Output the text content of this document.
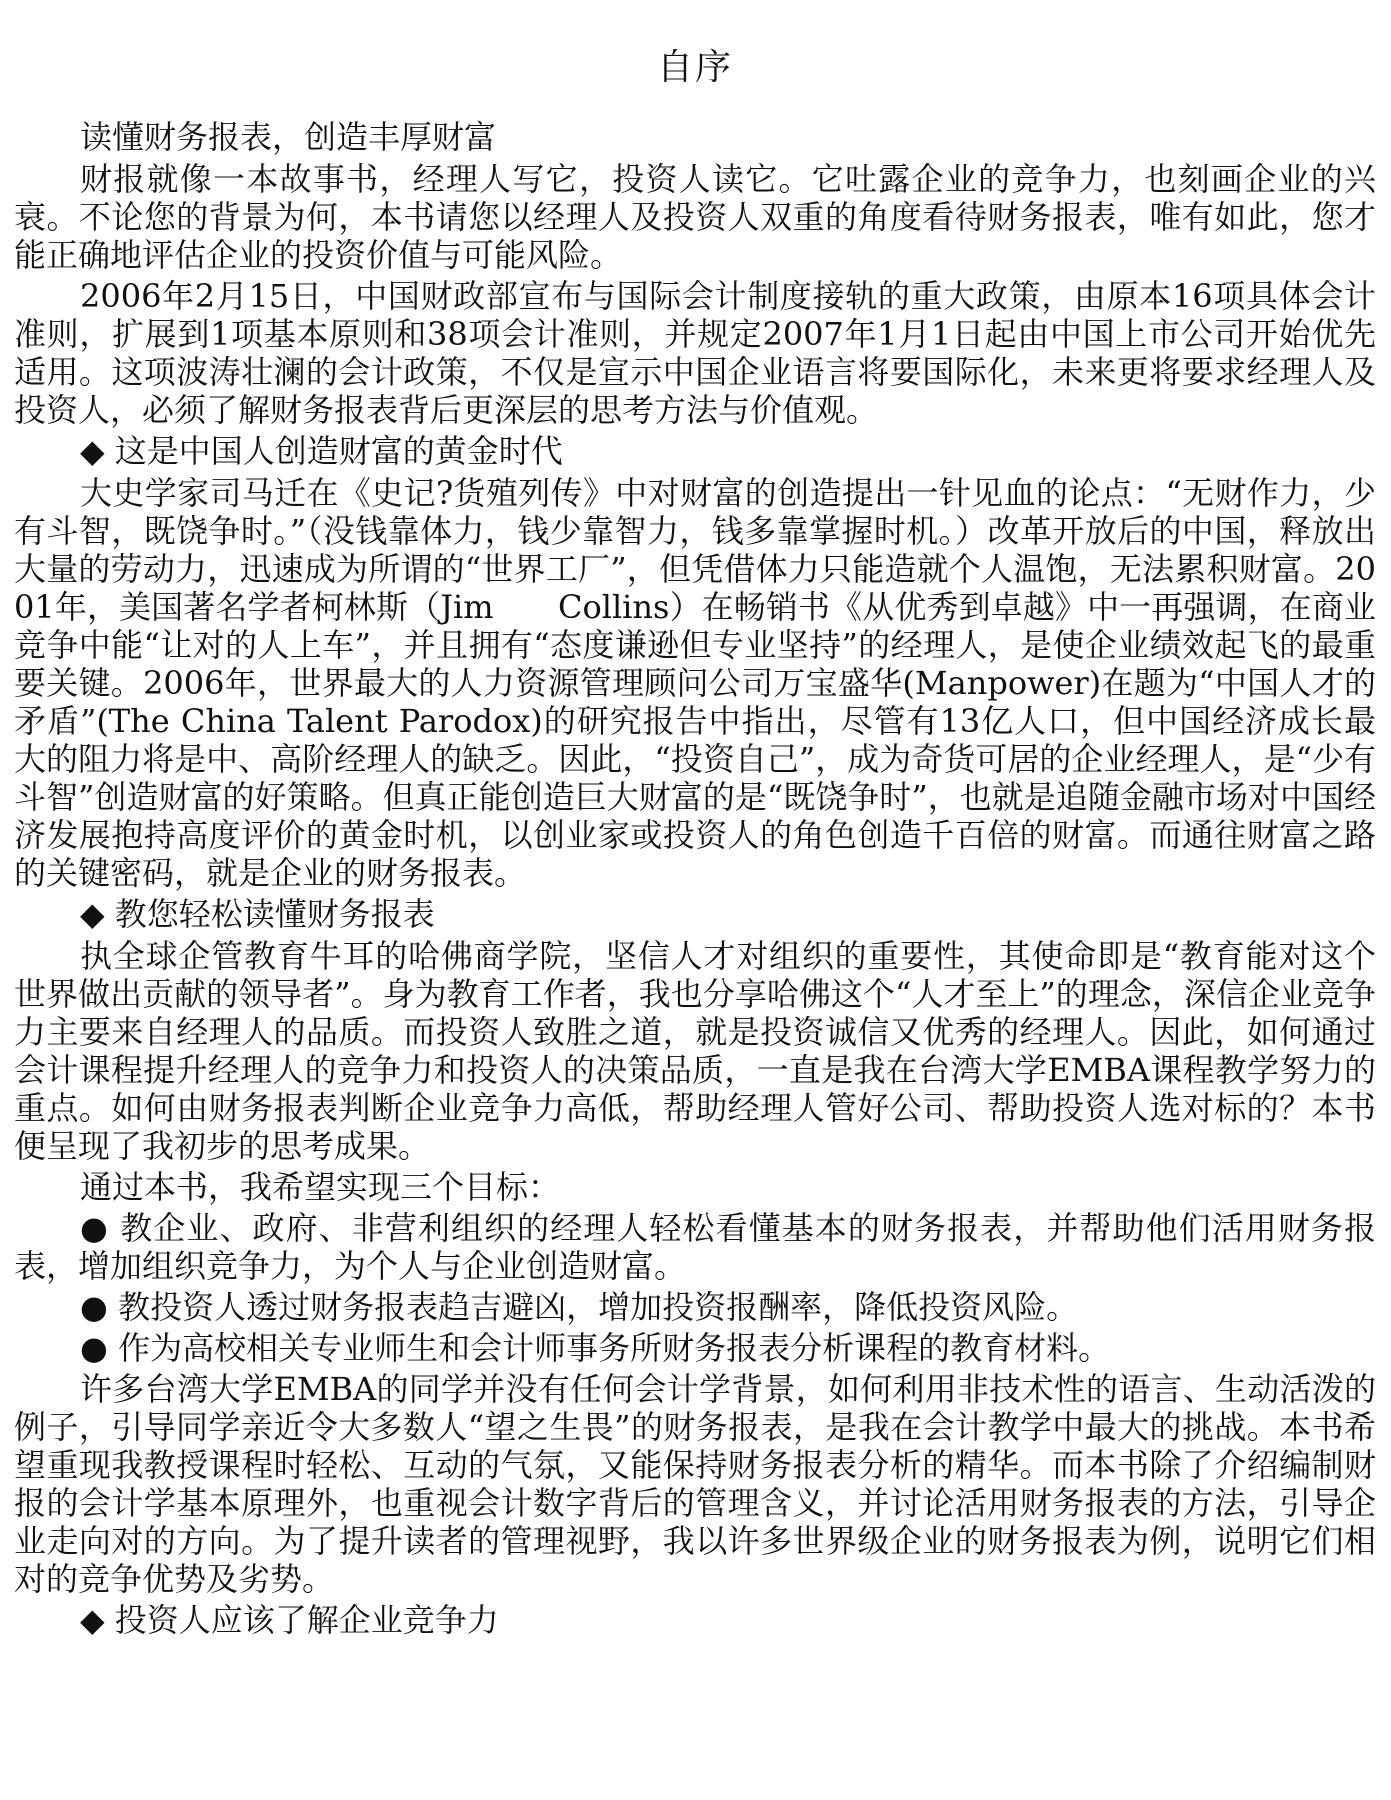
自序

读懂财务报表，创造丰厚财富

财报就像一本故事书，经理人写它，投资人读它。它吐露企业的竞争力，也刻画企业的兴衰。不论您的背景为何，本书请您以经理人及投资人双重的角度看待财务报表，唯有如此，您才能正确地评估企业的投资价值与可能风险。

2006年2月15日，中国财政部宣布与国际会计制度接轨的重大政策，由原本16项具体会计准则，扩展到1项基本原则和38项会计准则，并规定2007年1月1日起由中国上市公司开始优先适用。这项波涛壮澜的会计政策，不仅是宣示中国企业语言将要国际化，未来更将要求经理人及投资人，必须了解财务报表背后更深层的思考方法与价值观。

◆ 这是中国人创造财富的黄金时代

大史学家司马迁在《史记?货殖列传》中对财富的创造提出一针见血的论点：“无财作力，少有斗智，既饶争时。”（没钱靠体力，钱少靠智力，钱多靠掌握时机。）改革开放后的中国，释放出大量的劳动力，迅速成为所谓的“世界工厂”，但凭借体力只能造就个人温饱，无法累积财富。2001年，美国著名学者柯林斯（Jim　　Collins）在畅销书《从优秀到卓越》中一再强调，在商业竞争中能“让对的人上车”，并且拥有“态度谦逊但专业坚持”的经理人，是使企业绩效起飞的最重要关键。2006年，世界最大的人力资源管理顾问公司万宝盛华(Manpower)在题为“中国人才的矛盾”(The China Talent Parodox)的研究报告中指出，尽管有13亿人口，但中国经济成长最大的阻力将是中、高阶经理人的缺乏。因此，“投资自己”，成为奇货可居的企业经理人，是“少有斗智”创造财富的好策略。但真正能创造巨大财富的是“既饶争时”，也就是追随金融市场对中国经济发展抱持高度评价的黄金时机，以创业家或投资人的角色创造千百倍的财富。而通往财富之路的关键密码，就是企业的财务报表。

◆ 教您轻松读懂财务报表

执全球企管教育牛耳的哈佛商学院，坚信人才对组织的重要性，其使命即是“教育能对这个世界做出贡献的领导者”。身为教育工作者，我也分享哈佛这个“人才至上”的理念，深信企业竞争力主要来自经理人的品质。而投资人致胜之道，就是投资诚信又优秀的经理人。因此，如何通过会计课程提升经理人的竞争力和投资人的决策品质，一直是我在台湾大学EMBA课程教学努力的重点。如何由财务报表判断企业竞争力高低，帮助经理人管好公司、帮助投资人选对标的？本书便呈现了我初步的思考成果。

通过本书，我希望实现三个目标：

● 教企业、政府、非营利组织的经理人轻松看懂基本的财务报表，并帮助他们活用财务报表，增加组织竞争力，为个人与企业创造财富。

● 教投资人透过财务报表趋吉避凶，增加投资报酬率，降低投资风险。

● 作为高校相关专业师生和会计师事务所财务报表分析课程的教育材料。

许多台湾大学EMBA的同学并没有任何会计学背景，如何利用非技术性的语言、生动活泼的例子，引导同学亲近令大多数人“望之生畏”的财务报表，是我在会计教学中最大的挑战。本书希望重现我教授课程时轻松、互动的气氛，又能保持财务报表分析的精华。而本书除了介绍编制财报的会计学基本原理外，也重视会计数字背后的管理含义，并讨论活用财务报表的方法，引导企业走向对的方向。为了提升读者的管理视野，我以许多世界级企业的财务报表为例，说明它们相对的竞争优势及劣势。

◆ 投资人应该了解企业竞争力
